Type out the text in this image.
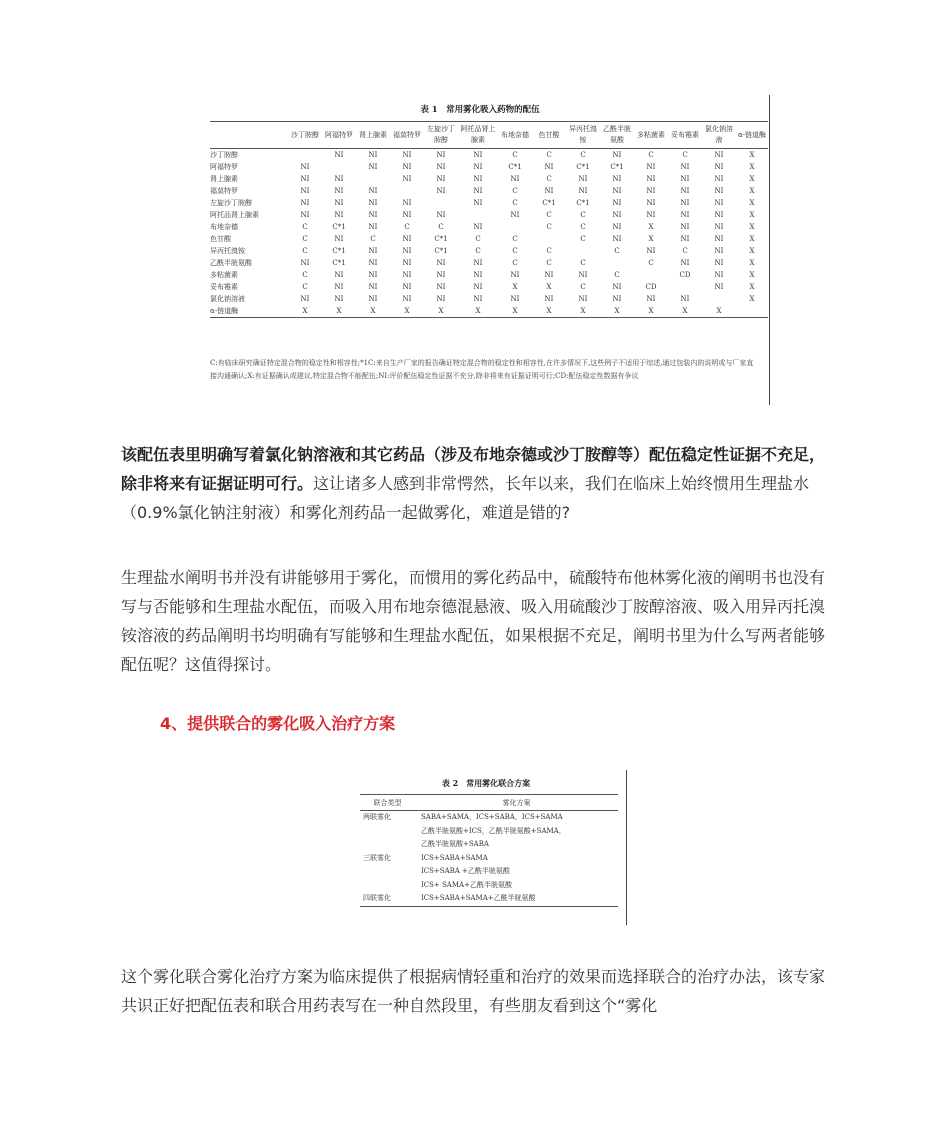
表 1　常用雾化吸入药物的配伍
	沙丁胺醇	阿福特罗	肾上腺素	福莫特罗	左旋沙丁胺醇	阿托品肾上腺素	布地奈德	色甘酸	异丙托溴铵	乙酰半胱氨酸	多粘菌素	妥布霉素	氯化钠溶液	α-链道酶
沙丁胺醇		NI	NI	NI	NI	NI	C	C	C	NI	C	C	NI	X
阿福特罗	NI		NI	NI	NI	NI	C*1	NI	C*1	C*1	NI	NI	NI	X
肾上腺素	NI	NI		NI	NI	NI	NI	C	NI	NI	NI	NI	NI	X
福莫特罗	NI	NI	NI		NI	NI	C	NI	NI	NI	NI	NI	NI	X
左旋沙丁胺醇	NI	NI	NI	NI		NI	C	C*1	C*1	NI	NI	NI	NI	X
阿托品肾上腺素	NI	NI	NI	NI	NI		NI	C	C	NI	NI	NI	NI	X
布地奈德	C	C*1	NI	C	C	NI		C	C	NI	X	NI	NI	X
色甘酸	C	NI	C	NI	C*1	C	C		C	NI	X	NI	NI	X
异丙托溴铵	C	C*1	NI	NI	C*1	C	C	C		C	NI	C	NI	X
乙酰半胱氨酸	NI	C*1	NI	NI	NI	NI	C	C	C		C	NI	NI	X
多粘菌素	C	NI	NI	NI	NI	NI	NI	NI	NI	C		CD	NI	X
妥布霉素	C	NI	NI	NI	NI	NI	X	X	C	NI	CD		NI	X
氯化钠溶液	NI	NI	NI	NI	NI	NI	NI	NI	NI	NI	NI	NI		X
α-链道酶	X	X	X	X	X	X	X	X	X	X	X	X	X	
C:有临床研究确证特定混合物的稳定性和相容性;*1C:来自生产厂家的报告确证特定混合物的稳定性和相容性,在许多情况下,这些例子不适用于综述,通过包装内的说明或与厂家直接沟通确认;X:有证据确认或建议,特定混合物不能配伍;NI:评价配伍稳定性证据不充分,除非将来有证据证明可行;CD:配伍稳定性数据有争议
该配伍表里明确写着氯化钠溶液和其它药品（涉及布地奈德或沙丁胺醇等）配伍稳定性证据不充足，除非将来有证据证明可行。这让诸多人感到非常愕然，长年以来，我们在临床上始终惯用生理盐水（0.9%氯化钠注射液）和雾化剂药品一起做雾化，难道是错的?
生理盐水阐明书并没有讲能够用于雾化，而惯用的雾化药品中，硫酸特布他林雾化液的阐明书也没有写与否能够和生理盐水配伍，而吸入用布地奈德混悬液、吸入用硫酸沙丁胺醇溶液、吸入用异丙托溴铵溶液的药品阐明书均明确有写能够和生理盐水配伍，如果根据不充足，阐明书里为什么写两者能够配伍呢？这值得探讨。
4、提供联合的雾化吸入治疗方案
表 2　常用雾化联合方案
联合类型	雾化方案
两联雾化	SABA+SAMA，ICS+SABA，ICS+SAMA
	乙酰半胱氨酸+ICS，乙酰半胱氨酸+SAMA，
	乙酰半胱氨酸+SABA
三联雾化	ICS+SABA+SAMA
	ICS+SABA +乙酰半胱氨酸
	ICS+ SAMA+乙酰半胱氨酸
四联雾化	ICS+SABA+SAMA+乙酰半胱氨酸
这个雾化联合雾化治疗方案为临床提供了根据病情轻重和治疗的效果而选择联合的治疗办法，该专家共识正好把配伍表和联合用药表写在一种自然段里，有些朋友看到这个“雾化
